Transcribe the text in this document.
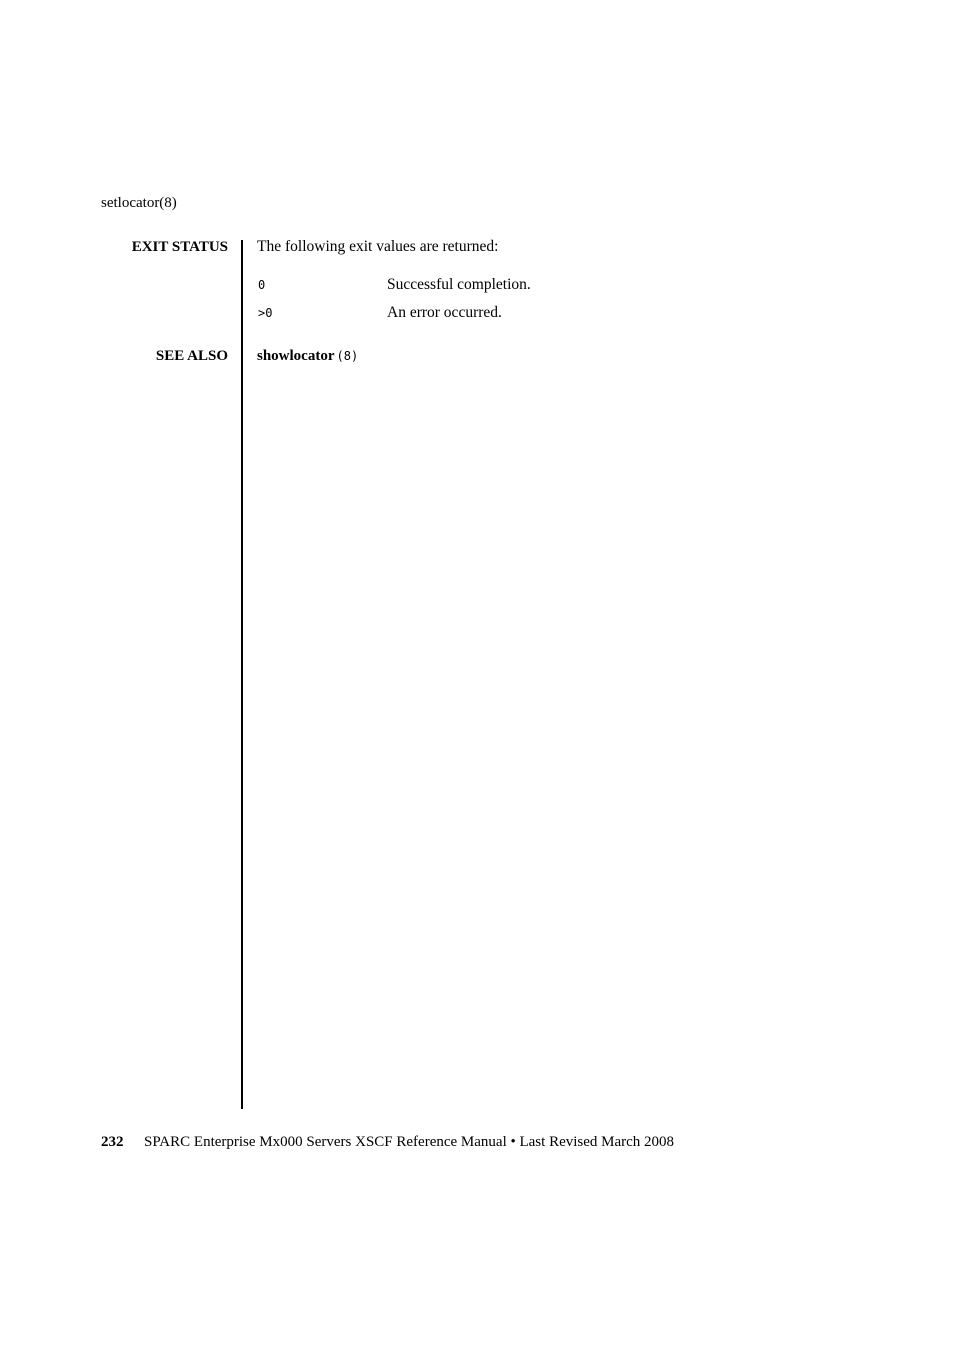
setlocator(8)
EXIT STATUS
SEE ALSO
The following exit values are returned:
0	Successful completion.
>0	An error occurred.
showlocator (8)
232 SPARC Enterprise Mx000 Servers XSCF Reference Manual • Last Revised March 2008
